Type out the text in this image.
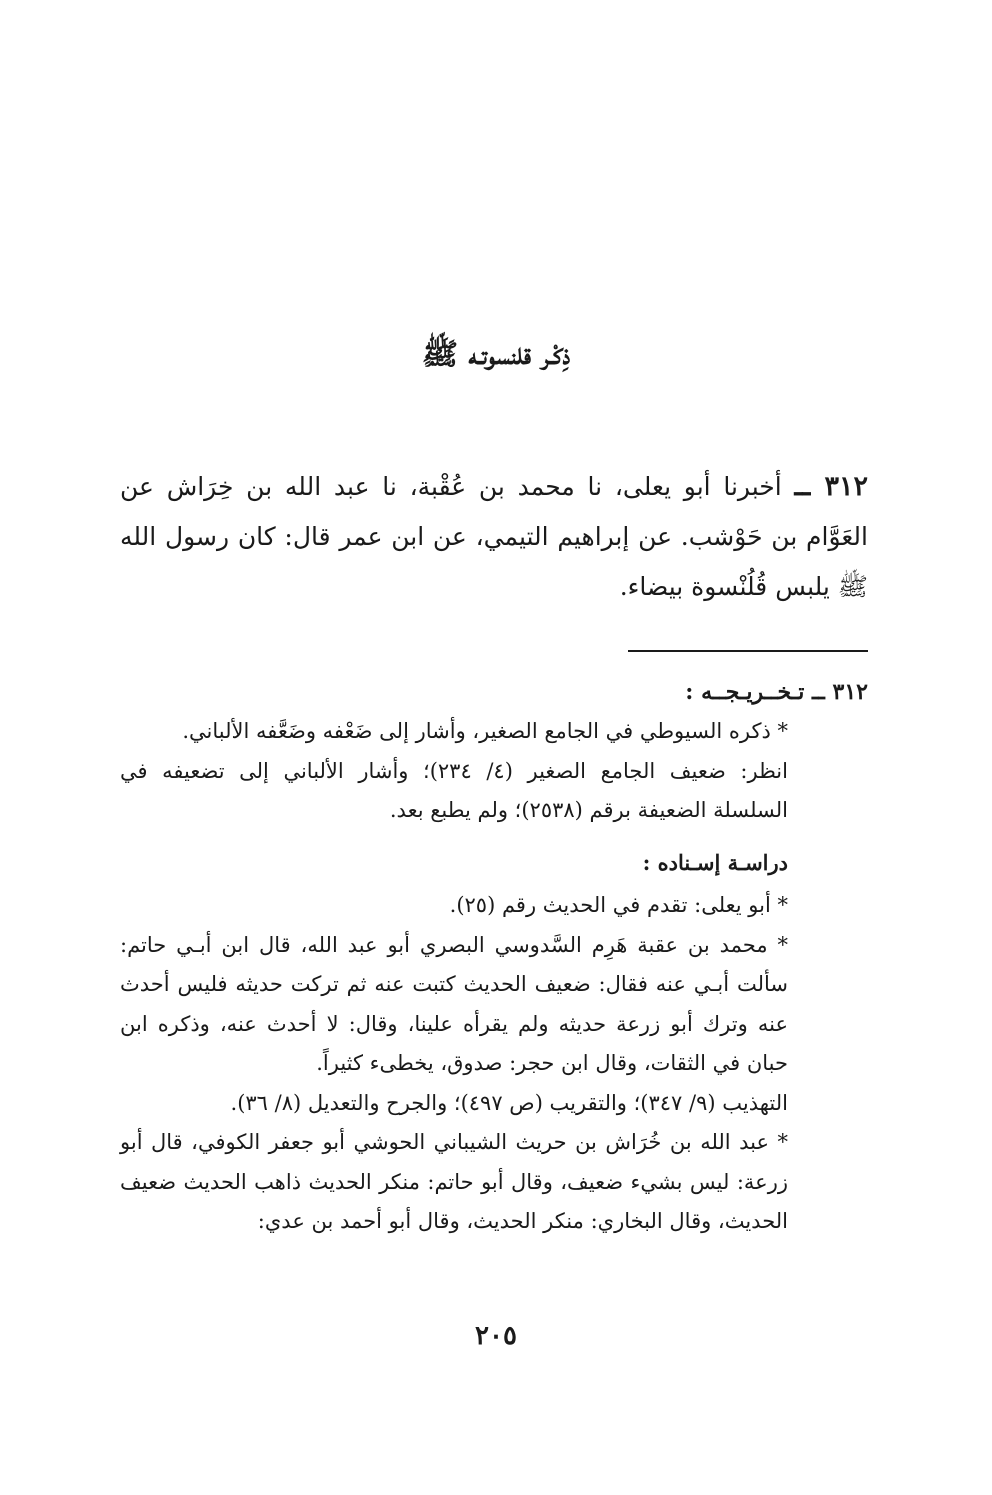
ذِكْـر قلنسوتـه ﷺ

٣١٢ ــ أخبرنا أبو يعلى، نا محمد بن عُقْبة، نا عبد الله بن خِرَاش عن العَوَّام بن حَوْشب. عن إبراهيم التيمي، عن ابن عمر قال: كان رسول الله ﷺ يلبس قُلُنْسوة بيضاء.

٣١٢ ــ تـخــريـجــه :

* ذكره السيوطي في الجامع الصغير، وأشار إلى ضَعْفه وضَعَّفه الألباني.

انظر: ضعيف الجامع الصغير (٤/ ٢٣٤)؛ وأشار الألباني إلى تضعيفه في السلسلة الضعيفة برقم (٢٥٣٨)؛ ولم يطبع بعد.

دراسـة إسـناده :

* أبو يعلى: تقدم في الحديث رقم (٢٥).

* محمد بن عقبة هَرِم السَّدوسي البصري أبو عبد الله، قال ابن أبـي حاتم: سألت أبـي عنه فقال: ضعيف الحديث كتبت عنه ثم تركت حديثه فليس أحدث عنه وترك أبو زرعة حديثه ولم يقرأه علينا، وقال: لا أحدث عنه، وذكره ابن حبان في الثقات، وقال ابن حجر: صدوق، يخطىء كثيراً.

التهذيب (٩/ ٣٤٧)؛ والتقريب (ص ٤٩٧)؛ والجرح والتعديل (٨/ ٣٦).

* عبد الله بن خُرَاش بن حريث الشيباني الحوشي أبو جعفر الكوفي، قال أبو زرعة: ليس بشيء ضعيف، وقال أبو حاتم: منكر الحديث ذاهب الحديث ضعيف الحديث، وقال البخاري: منكر الحديث، وقال أبو أحمد بن عدي:

٢٠٥
